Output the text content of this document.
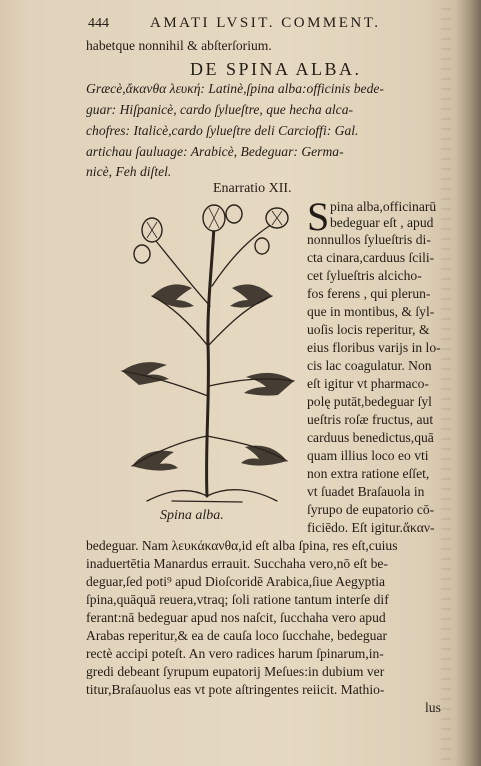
444	AMATI LVSIT. COMMENT.
habetque nonnihil & abſterſorium.
DE SPINA ALBA.
Græcè,ἄκανθα λευκή: Latinè,ſpina alba:officinis bede-
guar: Hiſpanicè, cardo ſylueſtre, que hecha alca-
chofres: Italicè,cardo ſylueſtre deli Carcioffi: Gal.
artichau ſauluage: Arabicè, Bedeguar: Germa-
nicè, Feh diſtel.
Enarratio XII.
S pina alba,officinarū
bedeguar eſt , apud
nonnullos ſylueſtris di-
cta cinara,carduus ſcili-
cet ſylueſtris alcicho-
fos ferens , qui plerun-
que in montibus, & ſyl-
uoſis locis reperitur, &
eius floribus varijs in lo-
cis lac coagulatur. Non
eſt igitur vt pharmaco-
polę putāt,bedeguar ſyl
ueſtris roſæ fructus, aut
carduus benedictus,quā
quam illius loco eo vti
non extra ratione eſſet,
vt ſuadet Braſauola in
ſyrupo de eupatorio cō-
Spina alba.
ficiēdo. Eſt igitur.ἄκαν-
bedeguar. Nam λευκάκανθα,id eſt alba ſpina, res eſt,cuius
inaduertētia Manardus errauit. Succhaha vero,nō eſt be-
deguar,ſed poti⁹ apud Dioſcoridē Arabica,ſiue Aegyptia
ſpina,quāquā reuera,vtraq; ſoli ratione tantum interſe dif
ferant:nā bedeguar apud nos naſcit, ſucchaha vero apud
Arabas reperitur,& ea de cauſa loco ſucchahe, bedeguar
rectè accipi poteſt. An vero radices harum ſpinarum,in-
gredi debeant ſyrupum eupatorij Meſues:in dubium ver
titur,Braſauolus eas vt pote aſtringentes reiicit. Mathio-
lus
